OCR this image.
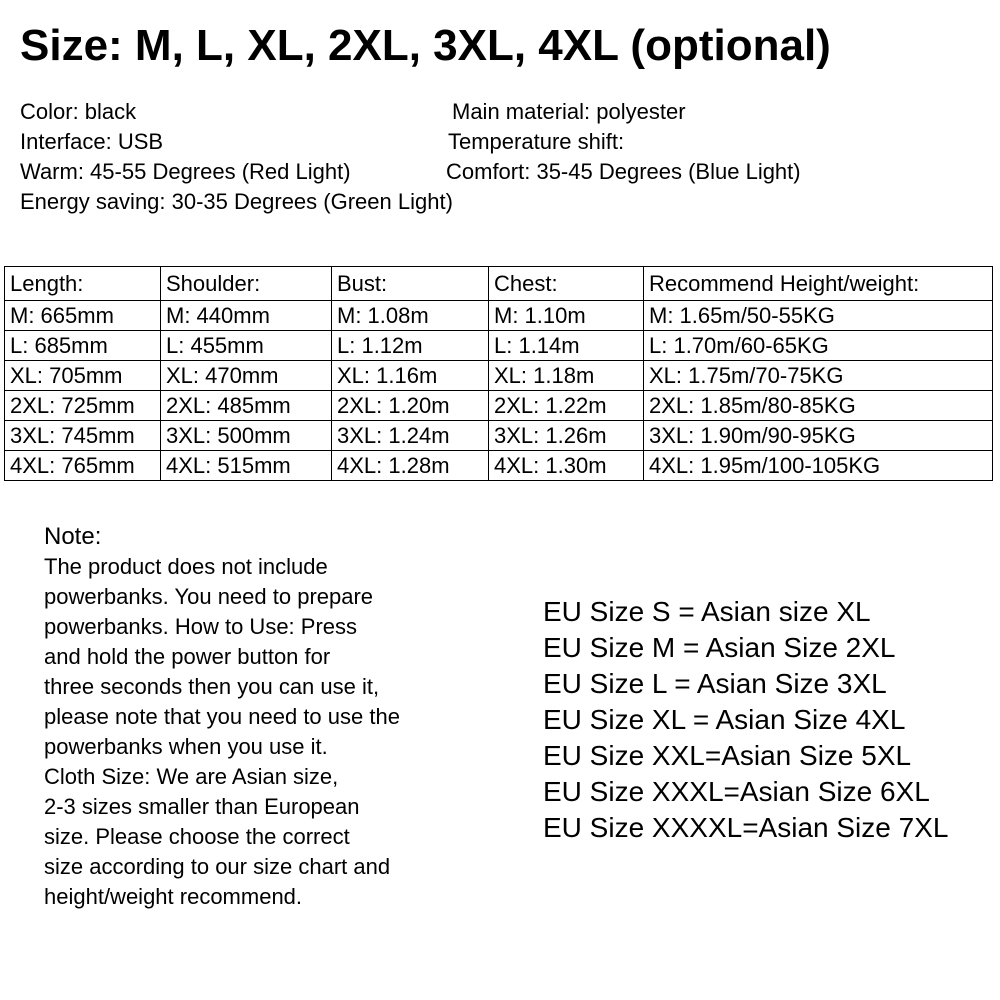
Size: M, L, XL, 2XL, 3XL, 4XL (optional)
Color: black	Main material: polyester
Interface: USB	Temperature shift:
Warm: 45-55 Degrees (Red Light)	Comfort: 35-45 Degrees (Blue Light)
Energy saving: 30-35 Degrees (Green Light)
Length:	Shoulder:	Bust:	Chest:	Recommend Height/weight:
M: 665mm	M: 440mm	M: 1.08m	M: 1.10m	M: 1.65m/50-55KG
L: 685mm	L: 455mm	L: 1.12m	L: 1.14m	L: 1.70m/60-65KG
XL: 705mm	XL: 470mm	XL: 1.16m	XL: 1.18m	XL: 1.75m/70-75KG
2XL: 725mm	2XL: 485mm	2XL: 1.20m	2XL: 1.22m	2XL: 1.85m/80-85KG
3XL: 745mm	3XL: 500mm	3XL: 1.24m	3XL: 1.26m	3XL: 1.90m/90-95KG
4XL: 765mm	4XL: 515mm	4XL: 1.28m	4XL: 1.30m	4XL: 1.95m/100-105KG
Note:
The product does not include
powerbanks. You need to prepare
powerbanks. How to Use: Press
and hold the power button for
three seconds then you can use it,
please note that you need to use the
powerbanks when you use it.
Cloth Size: We are Asian size,
2-3 sizes smaller than European
size. Please choose the correct
size according to our size chart and
height/weight recommend.
EU Size S = Asian size XL
EU Size M = Asian Size 2XL
EU Size L = Asian Size 3XL
EU Size XL = Asian Size 4XL
EU Size XXL=Asian Size 5XL
EU Size XXXL=Asian Size 6XL
EU Size XXXXL=Asian Size 7XL
